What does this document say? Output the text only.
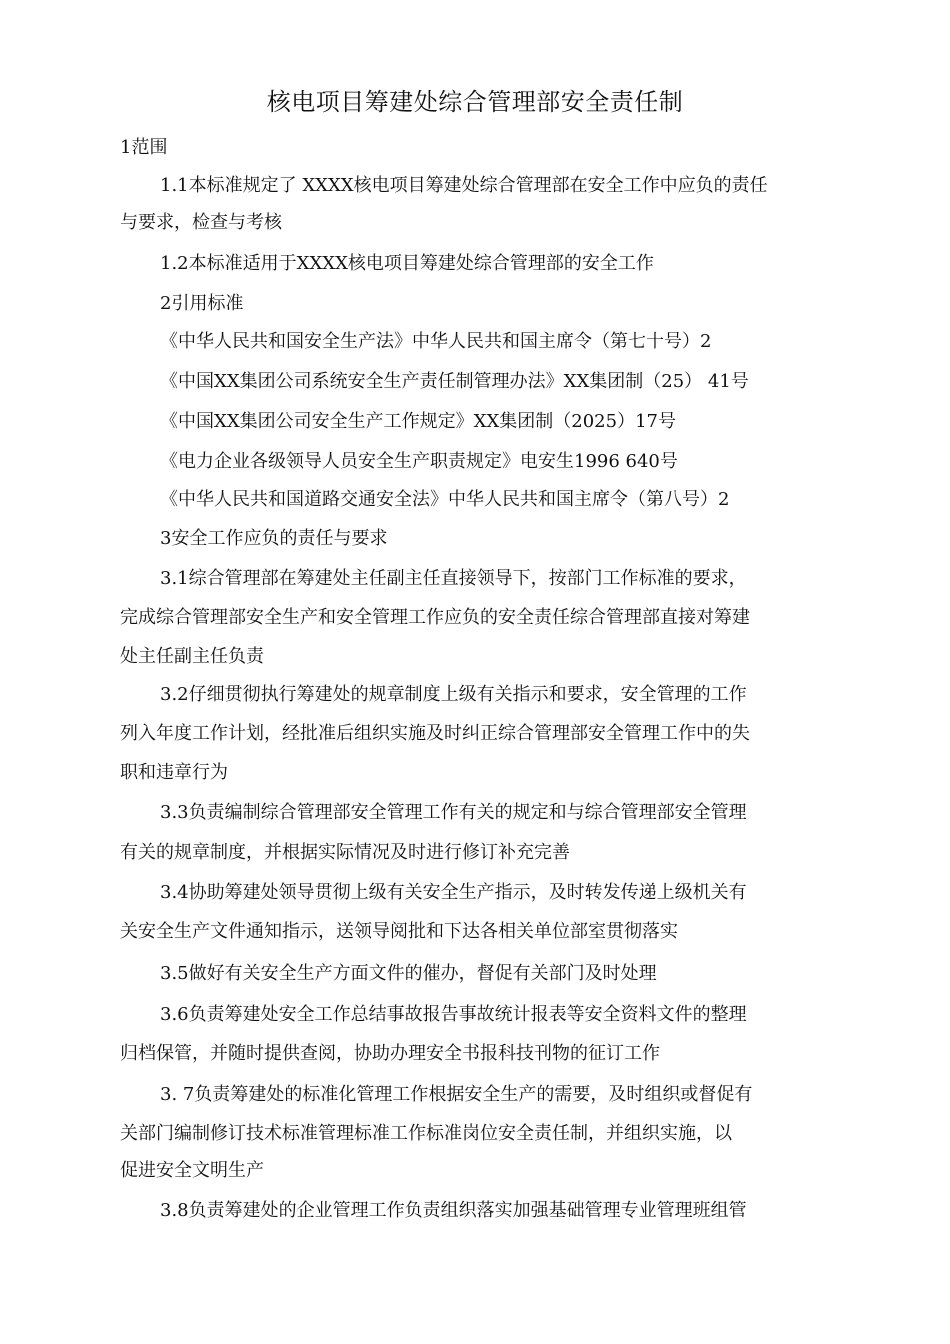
核电项目筹建处综合管理部安全责任制
1范围
1.1本标准规定了 XXXX核电项目筹建处综合管理部在安全工作中应负的责任
与要求，检查与考核
1.2本标准适用于XXXX核电项目筹建处综合管理部的安全工作
2引用标准
《中华人民共和国安全生产法》中华人民共和国主席令（第七十号）2
《中国XX集团公司系统安全生产责任制管理办法》XX集团制（25） 41号
《中国XX集团公司安全生产工作规定》XX集团制（2025）17号
《电力企业各级领导人员安全生产职责规定》电安生1996 640号
《中华人民共和国道路交通安全法》中华人民共和国主席令（第八号）2
3安全工作应负的责任与要求
3.1综合管理部在筹建处主任副主任直接领导下，按部门工作标准的要求，
完成综合管理部安全生产和安全管理工作应负的安全责任综合管理部直接对筹建
处主任副主任负责
3.2仔细贯彻执行筹建处的规章制度上级有关指示和要求，安全管理的工作
列入年度工作计划，经批准后组织实施及时纠正综合管理部安全管理工作中的失
职和违章行为
3.3负责编制综合管理部安全管理工作有关的规定和与综合管理部安全管理
有关的规章制度，并根据实际情况及时进行修订补充完善
3.4协助筹建处领导贯彻上级有关安全生产指示，及时转发传递上级机关有
关安全生产文件通知指示，送领导阅批和下达各相关单位部室贯彻落实
3.5做好有关安全生产方面文件的催办，督促有关部门及时处理
3.6负责筹建处安全工作总结事故报告事故统计报表等安全资料文件的整理
归档保管，并随时提供查阅，协助办理安全书报科技刊物的征订工作
3. 7负责筹建处的标准化管理工作根据安全生产的需要，及时组织或督促有
关部门编制修订技术标准管理标准工作标准岗位安全责任制，并组织实施，以
促进安全文明生产
3.8负责筹建处的企业管理工作负责组织落实加强基础管理专业管理班组管
